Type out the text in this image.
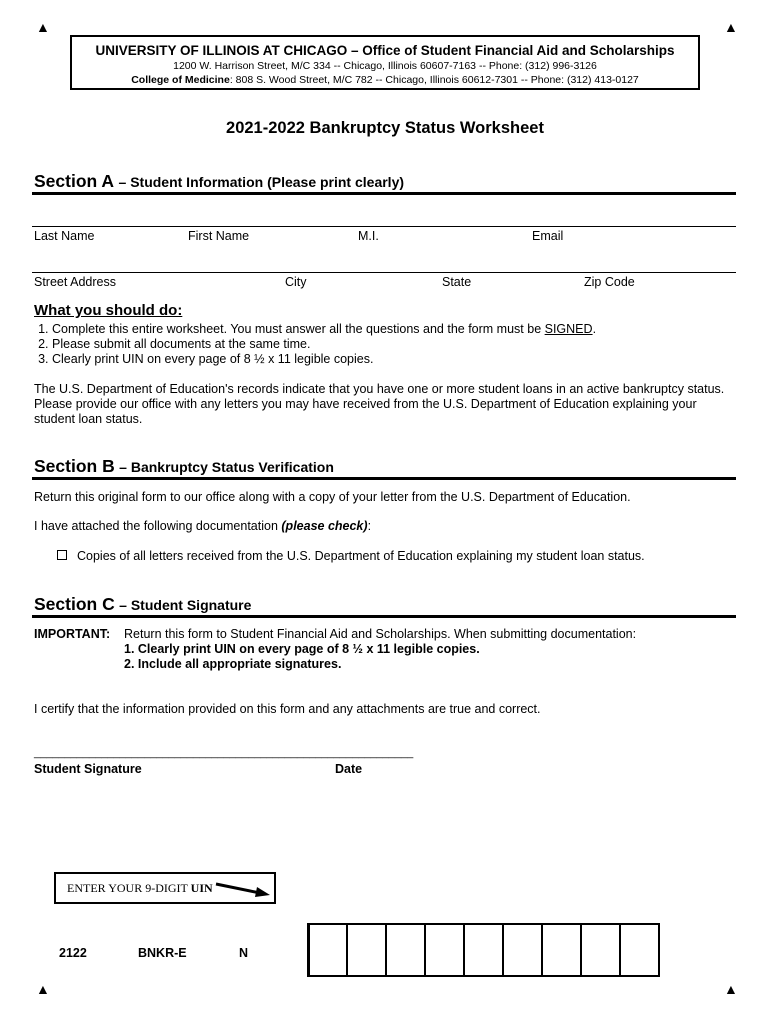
▲	▲
▲	▲
UNIVERSITY OF ILLINOIS AT CHICAGO – Office of Student Financial Aid and Scholarships
1200 W. Harrison Street, M/C 334 -- Chicago, Illinois 60607-7163 -- Phone: (312) 996-3126
College of Medicine: 808 S. Wood Street, M/C 782 -- Chicago, Illinois 60612-7301 -- Phone: (312) 413-0127
2021-2022 Bankruptcy Status Worksheet
Section A – Student Information (Please print clearly)
Last Name	First Name	M.I.	Email
Street Address	City	State	Zip Code
What you should do:
1. Complete this entire worksheet. You must answer all the questions and the form must be SIGNED.
2. Please submit all documents at the same time.
3. Clearly print UIN on every page of 8 ½ x 11 legible copies.
The U.S. Department of Education's records indicate that you have one or more student loans in an active bankruptcy status. Please provide our office with any letters you may have received from the U.S. Department of Education explaining your student loan status.
Section B – Bankruptcy Status Verification
Return this original form to our office along with a copy of your letter from the U.S. Department of Education.
I have attached the following documentation (please check):
Copies of all letters received from the U.S. Department of Education explaining my student loan status.
Section C – Student Signature
IMPORTANT: Return this form to Student Financial Aid and Scholarships. When submitting documentation:
1. Clearly print UIN on every page of 8 ½ x 11 legible copies.
2. Include all appropriate signatures.
I certify that the information provided on this form and any attachments are true and correct.
______________________________________________________________
Student Signature	Date
ENTER YOUR 9-DIGIT UIN
2122	BNKR-E	N
